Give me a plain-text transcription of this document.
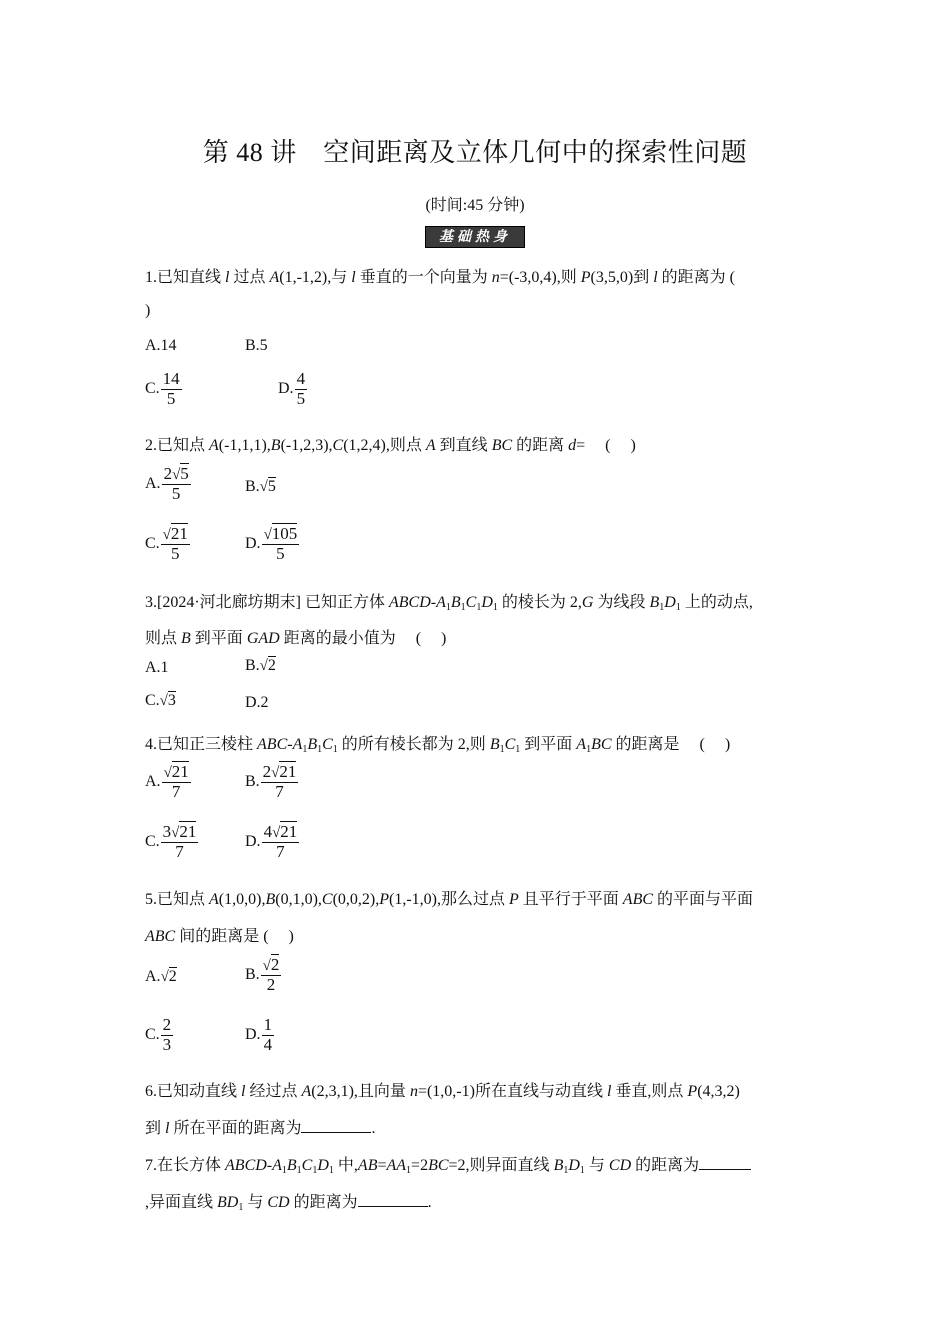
第 48 讲　空间距离及立体几何中的探索性问题
(时间:45 分钟)
基础热身
1.已知直线 l 过点 A(1,-1,2),与 l 垂直的一个向量为 n=(-3,0,4),则 P(3,5,0)到 l 的距离为 (
)
A.14	B.5
C. $\frac{14}{5}$	D. $\frac{4}{5}$
2.已知点 A(-1,1,1),B(-1,2,3),C(1,2,4),则点 A 到直线 BC 的距离 d=　 (　 )
A. $\frac{2√5}{5}$	B. √5
C. $\frac{√21}{5}$	D. $\frac{√105}{5}$
3.[2024·河北廊坊期末] 已知正方体 ABCD-$A_1B_1C_1D_1$ 的棱长为 2,G 为线段 $B_1D_1$ 上的动点,
则点 B 到平面 GAD 距离的最小值为　 (　 )
A.1	B. √2
C. √3	D.2
4.已知正三棱柱 ABC-$A_1B_1C_1$ 的所有棱长都为 2,则 $B_1C_1$ 到平面 $A_1BC$ 的距离是　 (　 )
A. $\frac{√21}{7}$	B. $\frac{2√21}{7}$
C. $\frac{3√21}{7}$	D. $\frac{4√21}{7}$
5.已知点 A(1,0,0),B(0,1,0),C(0,0,2),P(1,-1,0),那么过点 P 且平行于平面 ABC 的平面与平面
ABC 间的距离是 (　 )
A. √2	B. $\frac{√2}{2}$
C. $\frac{2}{3}$	D. $\frac{1}{4}$
6.已知动直线 l 经过点 A(2,3,1),且向量 n=(1,0,-1)所在直线与动直线 l 垂直,则点 P(4,3,2)
到 l 所在平面的距离为	.
7.在长方体 ABCD-$A_1B_1C_1D_1$ 中$,AB=AA_1=2BC=2$,则异面直线 $B_1D_1$ 与 CD 的距离为
,异面直线 $BD_1$ 与 CD 的距离为	.
